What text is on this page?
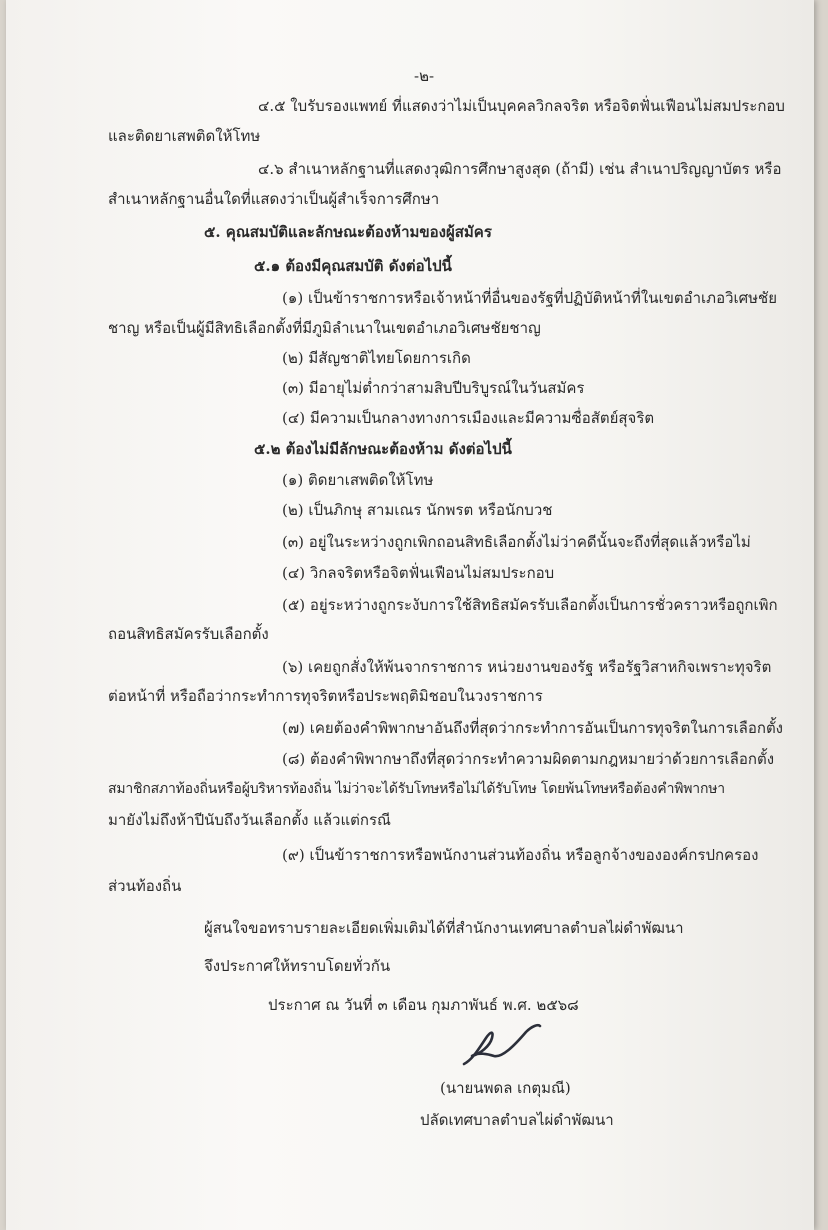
-๒-
๔.๕ ใบรับรองแพทย์ ที่แสดงว่าไม่เป็นบุคคลวิกลจริต หรือจิตฟั่นเฟือนไม่สมประกอบ
และติดยาเสพติดให้โทษ
๔.๖ สำเนาหลักฐานที่แสดงวุฒิการศึกษาสูงสุด (ถ้ามี) เช่น สำเนาปริญญาบัตร หรือ
สำเนาหลักฐานอื่นใดที่แสดงว่าเป็นผู้สำเร็จการศึกษา
๕. คุณสมบัติและลักษณะต้องห้ามของผู้สมัคร
๕.๑ ต้องมีคุณสมบัติ ดังต่อไปนี้
(๑) เป็นข้าราชการหรือเจ้าหน้าที่อื่นของรัฐที่ปฏิบัติหน้าที่ในเขตอำเภอวิเศษชัย
ชาญ หรือเป็นผู้มีสิทธิเลือกตั้งที่มีภูมิลำเนาในเขตอำเภอวิเศษชัยชาญ
(๒) มีสัญชาติไทยโดยการเกิด
(๓) มีอายุไม่ต่ำกว่าสามสิบปีบริบูรณ์ในวันสมัคร
(๔) มีความเป็นกลางทางการเมืองและมีความซื่อสัตย์สุจริต
๕.๒ ต้องไม่มีลักษณะต้องห้าม ดังต่อไปนี้
(๑) ติดยาเสพติดให้โทษ
(๒) เป็นภิกษุ สามเณร นักพรต หรือนักบวช
(๓) อยู่ในระหว่างถูกเพิกถอนสิทธิเลือกตั้งไม่ว่าคดีนั้นจะถึงที่สุดแล้วหรือไม่
(๔) วิกลจริตหรือจิตฟั่นเฟือนไม่สมประกอบ
(๕) อยู่ระหว่างถูกระงับการใช้สิทธิสมัครรับเลือกตั้งเป็นการชั่วคราวหรือถูกเพิก
ถอนสิทธิสมัครรับเลือกตั้ง
(๖) เคยถูกสั่งให้พ้นจากราชการ หน่วยงานของรัฐ หรือรัฐวิสาหกิจเพราะทุจริต
ต่อหน้าที่ หรือถือว่ากระทำการทุจริตหรือประพฤติมิชอบในวงราชการ
(๗) เคยต้องคำพิพากษาอันถึงที่สุดว่ากระทำการอันเป็นการทุจริตในการเลือกตั้ง
(๘) ต้องคำพิพากษาถึงที่สุดว่ากระทำความผิดตามกฎหมายว่าด้วยการเลือกตั้ง
สมาชิกสภาท้องถิ่นหรือผู้บริหารท้องถิ่น ไม่ว่าจะได้รับโทษหรือไม่ได้รับโทษ โดยพ้นโทษหรือต้องคำพิพากษา
มายังไม่ถึงห้าปีนับถึงวันเลือกตั้ง แล้วแต่กรณี
(๙) เป็นข้าราชการหรือพนักงานส่วนท้องถิ่น หรือลูกจ้างขององค์กรปกครอง
ส่วนท้องถิ่น
ผู้สนใจขอทราบรายละเอียดเพิ่มเติมได้ที่สำนักงานเทศบาลตำบลไผ่ดำพัฒนา
จึงประกาศให้ทราบโดยทั่วกัน
ประกาศ ณ วันที่ ๓ เดือน กุมภาพันธ์ พ.ศ. ๒๕๖๘
(นายนพดล เกตุมณี)
ปลัดเทศบาลตำบลไผ่ดำพัฒนา
